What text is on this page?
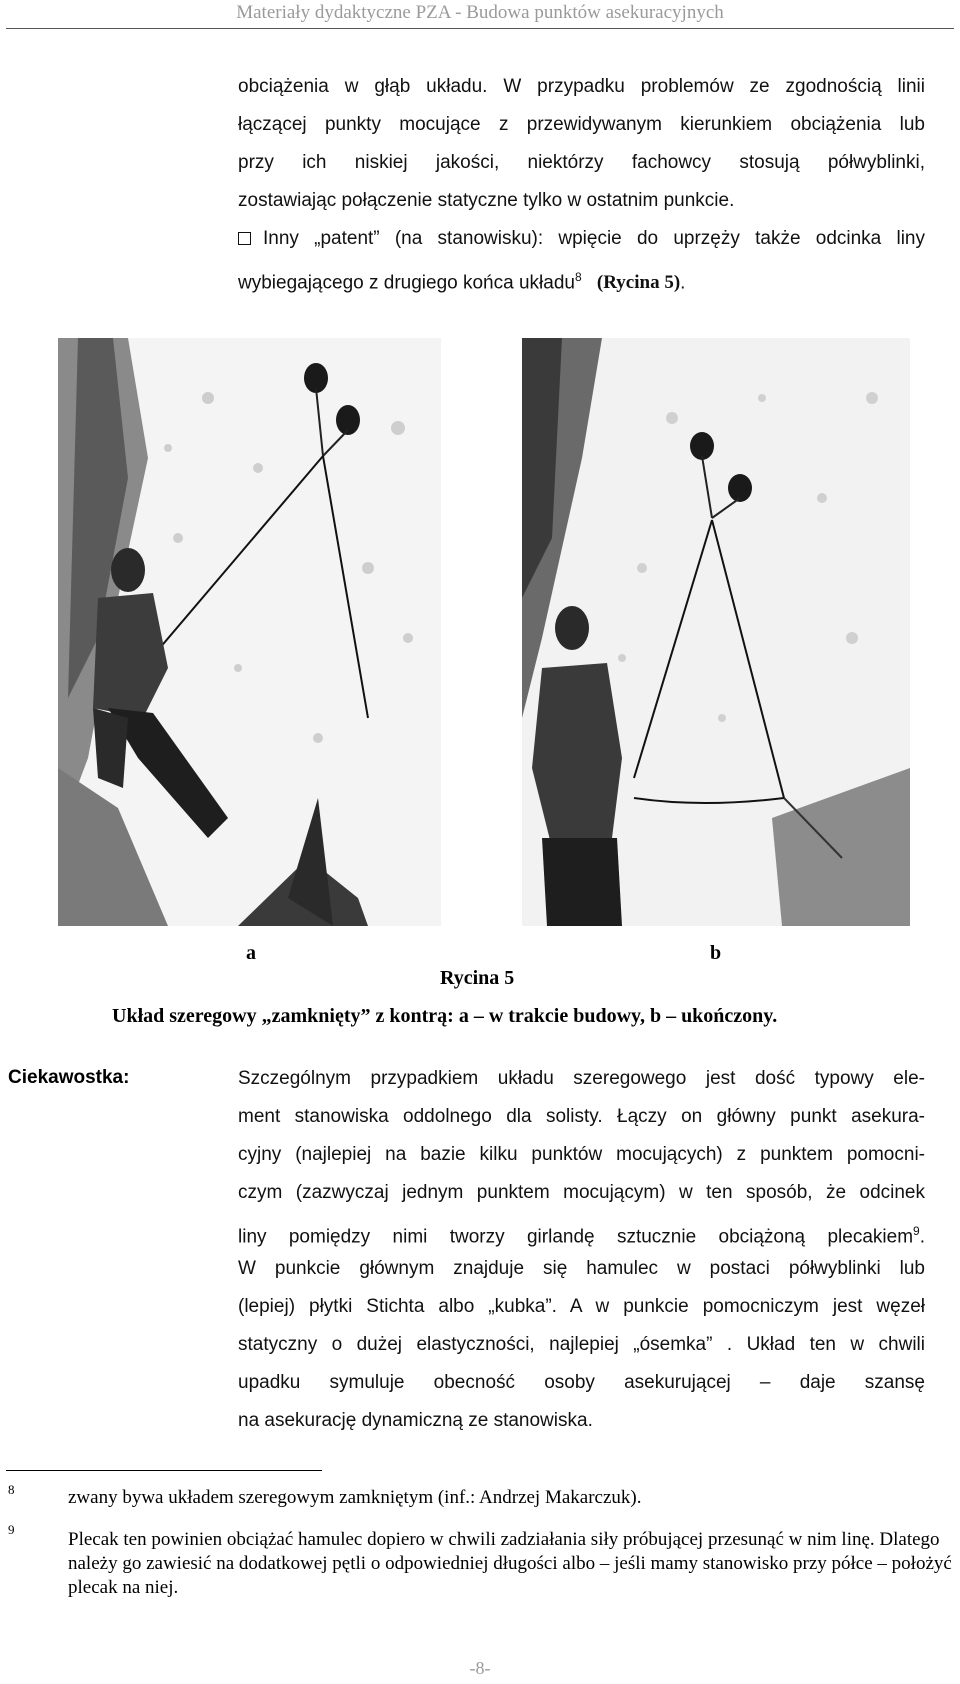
Materiały dydaktyczne PZA - Budowa punktów asekuracyjnych
obciążenia w głąb układu. W przypadku problemów ze zgodnością linii
łączącej punkty mocujące z przewidywanym kierunkiem obciążenia lub
przy ich niskiej jakości, niektórzy fachowcy stosują półwyblinki,
zostawiając połączenie statyczne tylko w ostatnim punkcie.
Inny „patent” (na stanowisku): wpięcie do uprzęży także odcinka liny
wybiegającego z drugiego końca układu$^8$ (Rycina 5).
a	b
Rycina 5
Układ szeregowy „zamknięty” z kontrą: a – w trakcie budowy, b – ukończony.
Ciekawostka:	Szczególnym przypadkiem układu szeregowego jest dość typowy ele-
ment stanowiska oddolnego dla solisty. Łączy on główny punkt asekura-
cyjny (najlepiej na bazie kilku punktów mocujących) z punktem pomocni-
czym (zazwyczaj jednym punktem mocującym) w ten sposób, że odcinek
liny pomiędzy nimi tworzy girlandę sztucznie obciążoną plecakiem$^9$.
W punkcie głównym znajduje się hamulec w postaci półwyblinki lub
(lepiej) płytki Stichta albo „kubka”. A w punkcie pomocniczym jest węzeł
statyczny o dużej elastyczności, najlepiej „ósemka” . Układ ten w chwili
upadku symuluje obecność osoby asekurującej – daje szansę
na asekurację dynamiczną ze stanowiska.
8	zwany bywa układem szeregowym zamkniętym (inf.: Andrzej Makarczuk).
9	Plecak ten powinien obciążać hamulec dopiero w chwili zadziałania siły próbującej przesunąć w nim linę. Dlatego należy go zawiesić na dodatkowej pętli o odpowiedniej długości albo – jeśli mamy stanowisko przy półce – położyć plecak na niej.
-8-
